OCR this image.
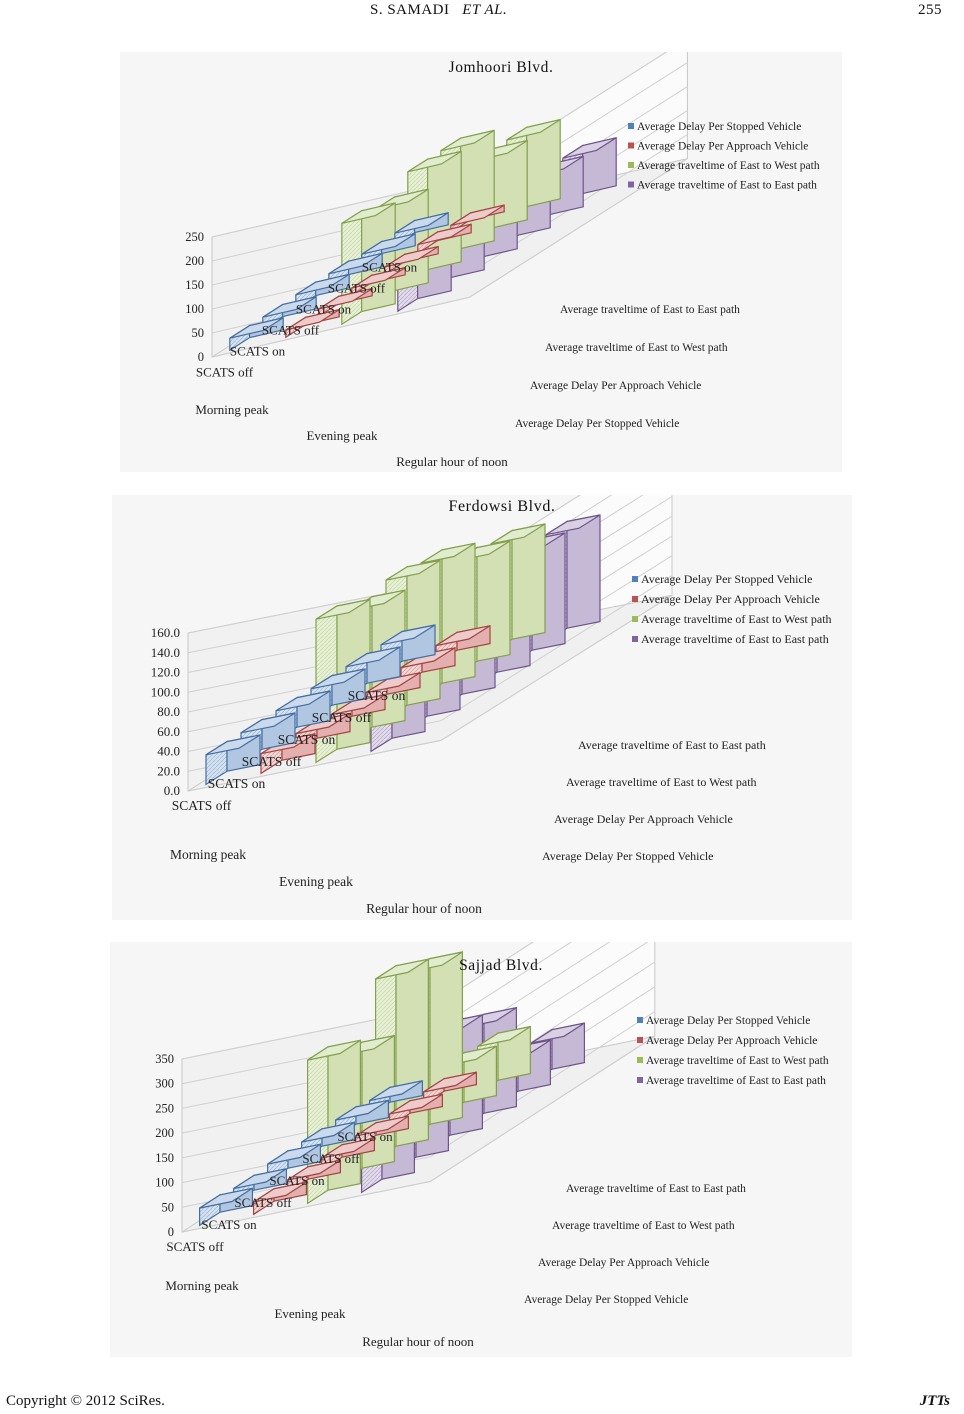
S. SAMADI ET AL.	255
0
50
100
150
200
250
SCATS off
SCATS on
SCATS off
SCATS on
SCATS off
SCATS on
Morning peak
Evening peak
Regular hour of noon
Average Delay Per Stopped Vehicle
Average Delay Per Approach Vehicle
Average traveltime of East to West path
Average traveltime of East to East path
Average Delay Per Stopped Vehicle
Average Delay Per Approach Vehicle
Average traveltime of East to West path
Average traveltime of East to East path
Jomhoori Blvd.
0.0
20.0
40.0
60.0
80.0
100.0
120.0
140.0
160.0
SCATS off
SCATS on
SCATS off
SCATS on
SCATS off
SCATS on
Morning peak
Evening peak
Regular hour of noon
Average Delay Per Stopped Vehicle
Average Delay Per Approach Vehicle
Average traveltime of East to West path
Average traveltime of East to East path
Average Delay Per Stopped Vehicle
Average Delay Per Approach Vehicle
Average traveltime of East to West path
Average traveltime of East to East path
Ferdowsi Blvd.
0
50
100
150
200
250
300
350
SCATS off
SCATS on
SCATS off
SCATS on
SCATS off
SCATS on
Morning peak
Evening peak
Regular hour of noon
Average Delay Per Stopped Vehicle
Average Delay Per Approach Vehicle
Average traveltime of East to West path
Average traveltime of East to East path
Average Delay Per Stopped Vehicle
Average Delay Per Approach Vehicle
Average traveltime of East to West path
Average traveltime of East to East path
Sajjad Blvd.
Copyright © 2012 SciRes.	JTTs
